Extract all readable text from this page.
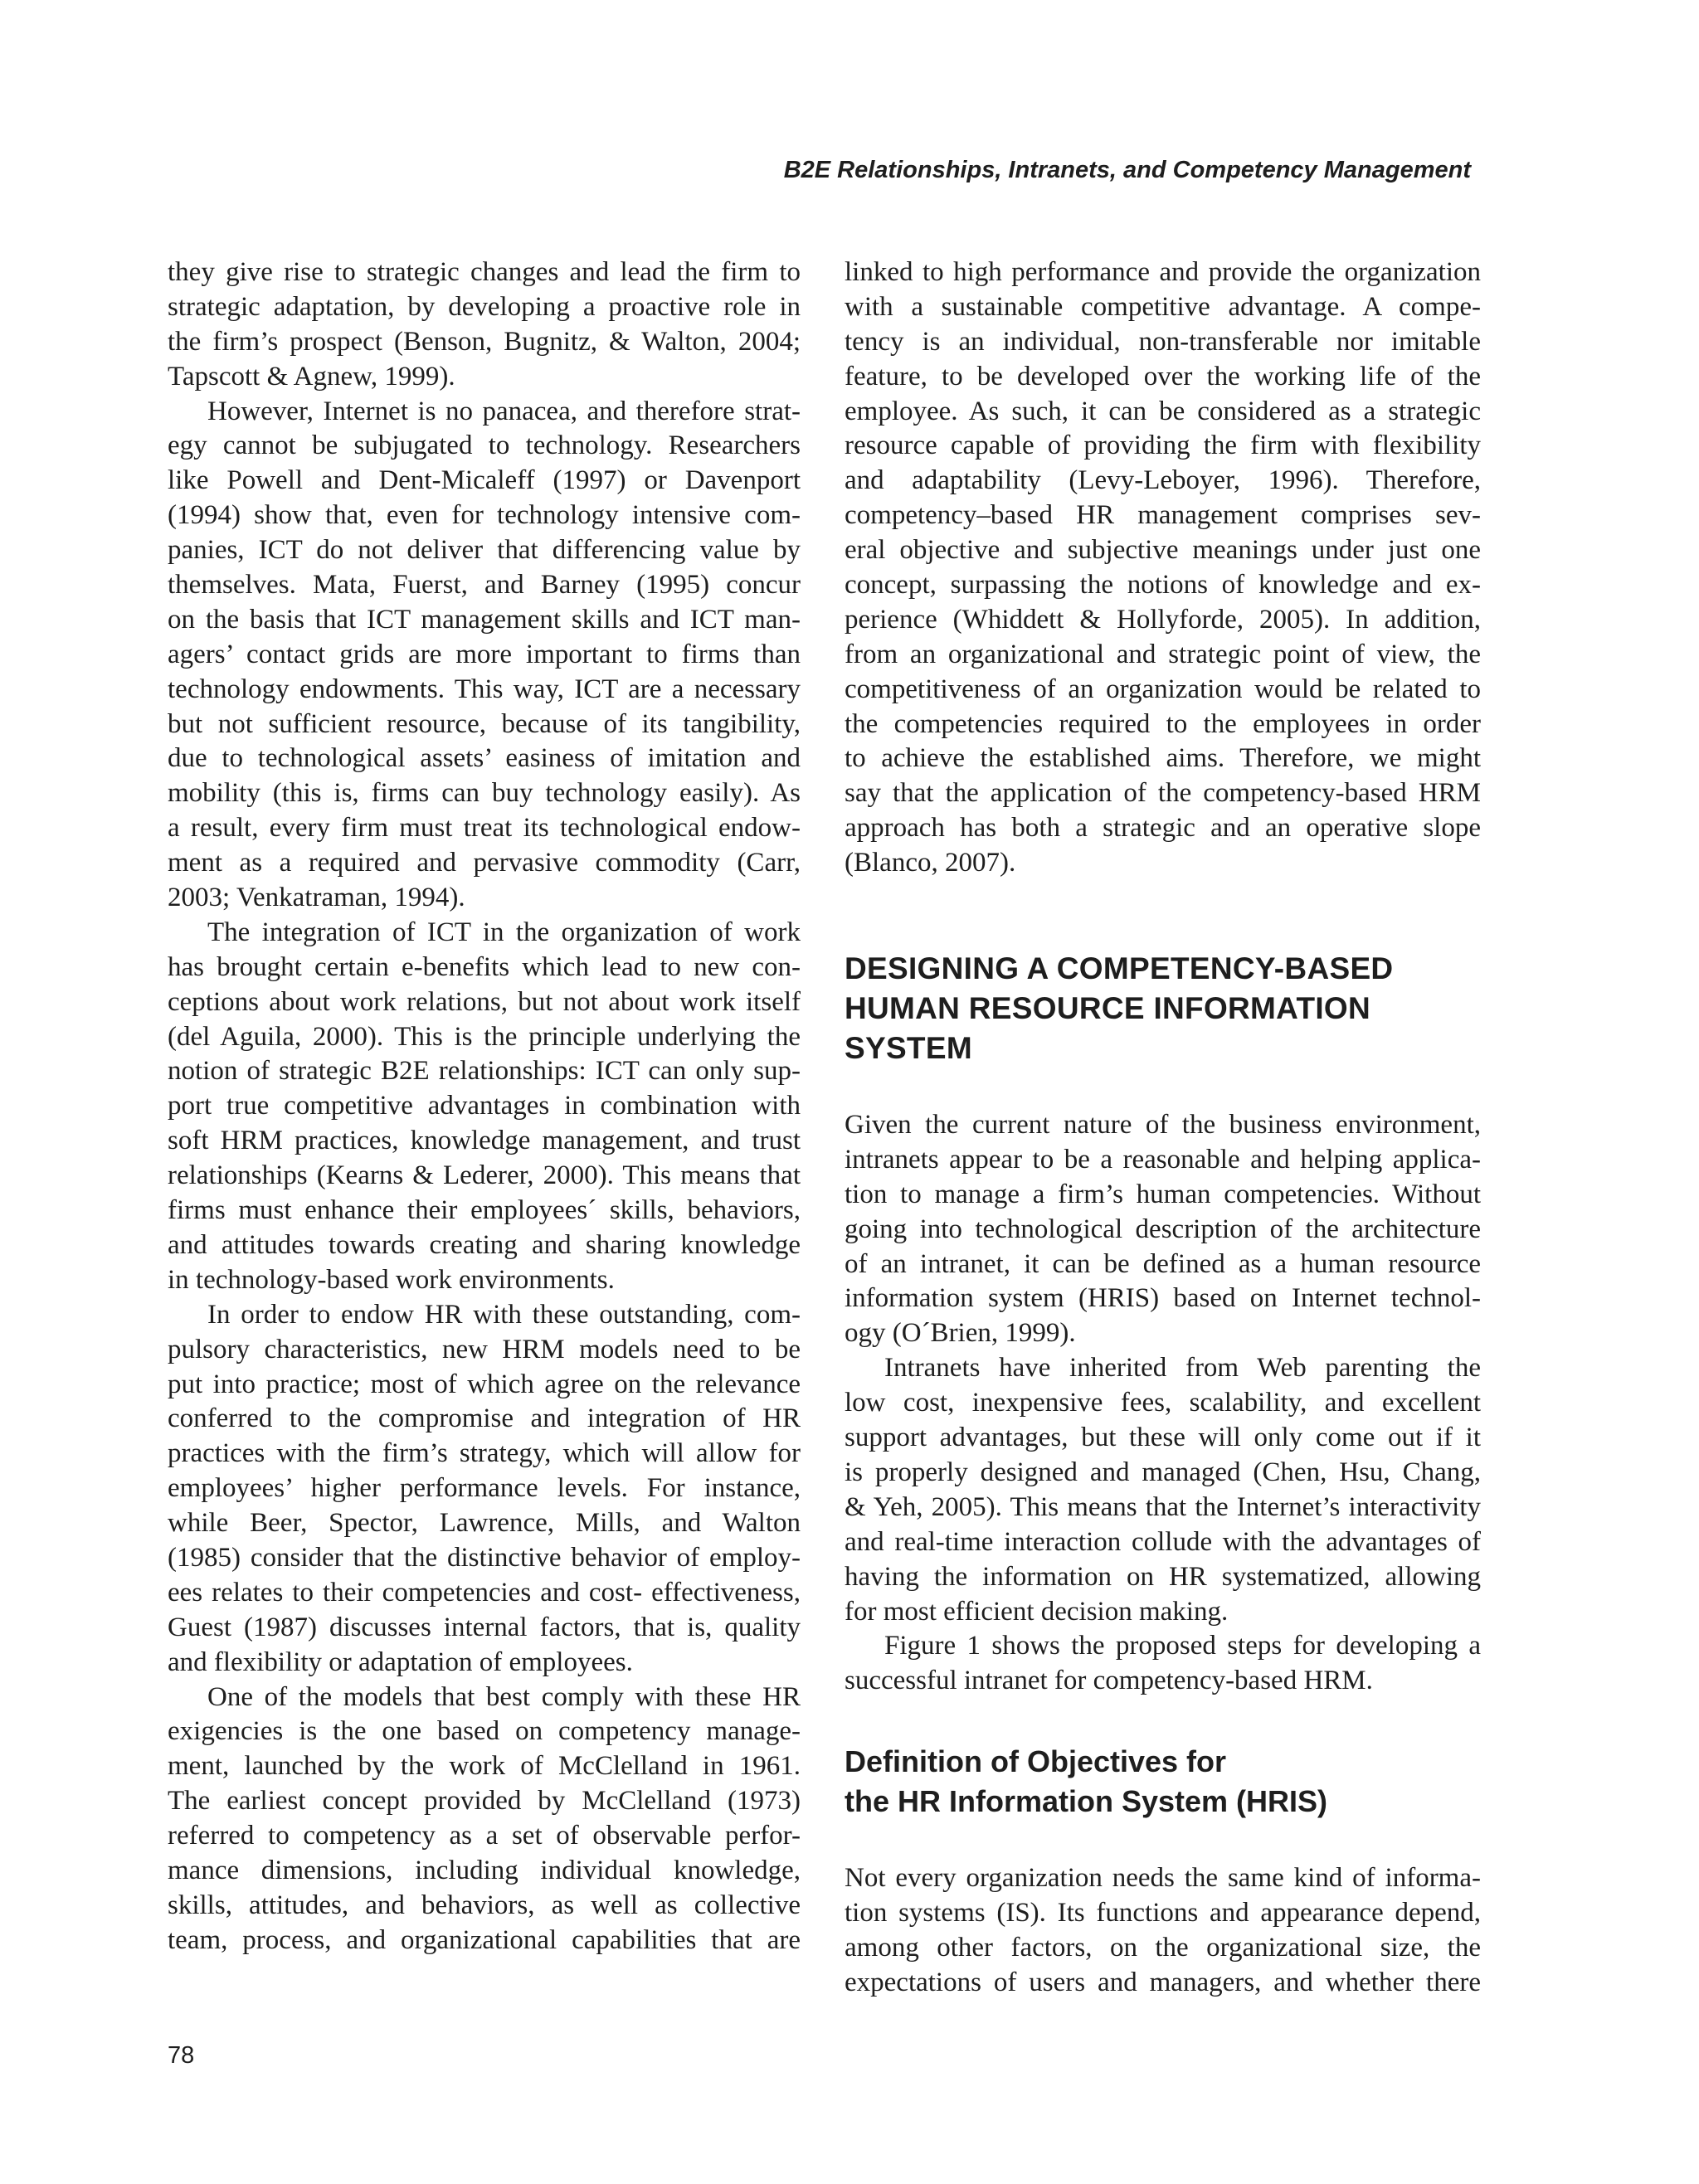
B2E Relationships, Intranets, and Competency Management
they give rise to strategic changes and lead the firm to
strategic adaptation, by developing a proactive role in
the firm’s prospect (Benson, Bugnitz, & Walton, 2004;
Tapscott & Agnew, 1999).
However, Internet is no panacea, and therefore strat-
egy cannot be subjugated to technology. Researchers
like Powell and Dent-Micaleff (1997) or Davenport
(1994) show that, even for technology intensive com-
panies, ICT do not deliver that differencing value by
themselves. Mata, Fuerst, and Barney (1995) concur
on the basis that ICT management skills and ICT man-
agers’ contact grids are more important to firms than
technology endowments. This way, ICT are a necessary
but not sufficient resource, because of its tangibility,
due to technological assets’ easiness of imitation and
mobility (this is, firms can buy technology easily). As
a result, every firm must treat its technological endow-
ment as a required and pervasive commodity (Carr,
2003; Venkatraman, 1994).
The integration of ICT in the organization of work
has brought certain e-benefits which lead to new con-
ceptions about work relations, but not about work itself
(del Aguila, 2000). This is the principle underlying the
notion of strategic B2E relationships: ICT can only sup-
port true competitive advantages in combination with
soft HRM practices, knowledge management, and trust
relationships (Kearns & Lederer, 2000). This means that
firms must enhance their employees´ skills, behaviors,
and attitudes towards creating and sharing knowledge
in technology-based work environments.
In order to endow HR with these outstanding, com-
pulsory characteristics, new HRM models need to be
put into practice; most of which agree on the relevance
conferred to the compromise and integration of HR
practices with the firm’s strategy, which will allow for
employees’ higher performance levels. For instance,
while Beer, Spector, Lawrence, Mills, and Walton
(1985) consider that the distinctive behavior of employ-
ees relates to their competencies and cost- effectiveness,
Guest (1987) discusses internal factors, that is, quality
and flexibility or adaptation of employees.
One of the models that best comply with these HR
exigencies is the one based on competency manage-
ment, launched by the work of McClelland in 1961.
The earliest concept provided by McClelland (1973)
referred to competency as a set of observable perfor-
mance dimensions, including individual knowledge,
skills, attitudes, and behaviors, as well as collective
team, process, and organizational capabilities that are
linked to high performance and provide the organization
with a sustainable competitive advantage. A compe-
tency is an individual, non-transferable nor imitable
feature, to be developed over the working life of the
employee. As such, it can be considered as a strategic
resource capable of providing the firm with flexibility
and adaptability (Levy-Leboyer, 1996). Therefore,
competency–based HR management comprises sev-
eral objective and subjective meanings under just one
concept, surpassing the notions of knowledge and ex-
perience (Whiddett & Hollyforde, 2005). In addition,
from an organizational and strategic point of view, the
competitiveness of an organization would be related to
the competencies required to the employees in order
to achieve the established aims. Therefore, we might
say that the application of the competency-based HRM
approach has both a strategic and an operative slope
(Blanco, 2007).
DESIGNING A COMPETENCY-BASED
HUMAN RESOURCE INFORMATION
SYSTEM
Given the current nature of the business environment,
intranets appear to be a reasonable and helping applica-
tion to manage a firm’s human competencies. Without
going into technological description of the architecture
of an intranet, it can be defined as a human resource
information system (HRIS) based on Internet technol-
ogy (O´Brien, 1999).
Intranets have inherited from Web parenting the
low cost, inexpensive fees, scalability, and excellent
support advantages, but these will only come out if it
is properly designed and managed (Chen, Hsu, Chang,
& Yeh, 2005). This means that the Internet’s interactivity
and real-time interaction collude with the advantages of
having the information on HR systematized, allowing
for most efficient decision making.
Figure 1 shows the proposed steps for developing a
successful intranet for competency-based HRM.
Definition of Objectives for
the HR Information System (HRIS)
Not every organization needs the same kind of informa-
tion systems (IS). Its functions and appearance depend,
among other factors, on the organizational size, the
expectations of users and managers, and whether there
78
